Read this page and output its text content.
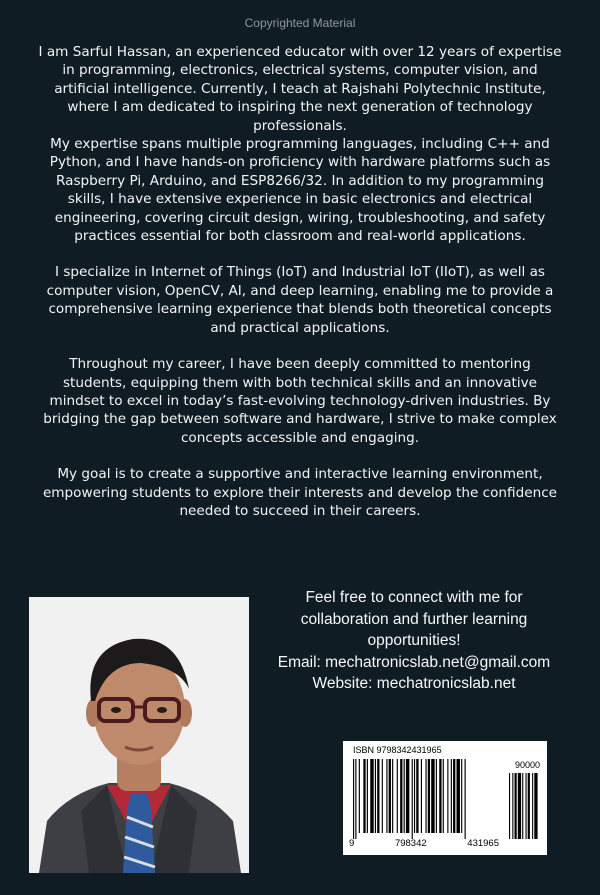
Copyrighted Material

I am Sarful Hassan, an experienced educator with over 12 years of expertise in programming, electronics, electrical systems, computer vision, and artificial intelligence. Currently, I teach at Rajshahi Polytechnic Institute, where I am dedicated to inspiring the next generation of technology professionals.

My expertise spans multiple programming languages, including C++ and Python, and I have hands-on proficiency with hardware platforms such as Raspberry Pi, Arduino, and ESP8266/32. In addition to my programming skills, I have extensive experience in basic electronics and electrical engineering, covering circuit design, wiring, troubleshooting, and safety practices essential for both classroom and real-world applications.

I specialize in Internet of Things (IoT) and Industrial IoT (IIoT), as well as computer vision, OpenCV, AI, and deep learning, enabling me to provide a comprehensive learning experience that blends both theoretical concepts and practical applications.

Throughout my career, I have been deeply committed to mentoring students, equipping them with both technical skills and an innovative mindset to excel in today’s fast-evolving technology-driven industries. By bridging the gap between software and hardware, I strive to make complex concepts accessible and engaging.

My goal is to create a supportive and interactive learning environment, empowering students to explore their interests and develop the confidence needed to succeed in their careers.

Feel free to connect with me for
collaboration and further learning
opportunities!
Email: mechatronicslab.net@gmail.com
Website: mechatronicslab.net
ISBN 9798342431965
90000
9	798342	431965
